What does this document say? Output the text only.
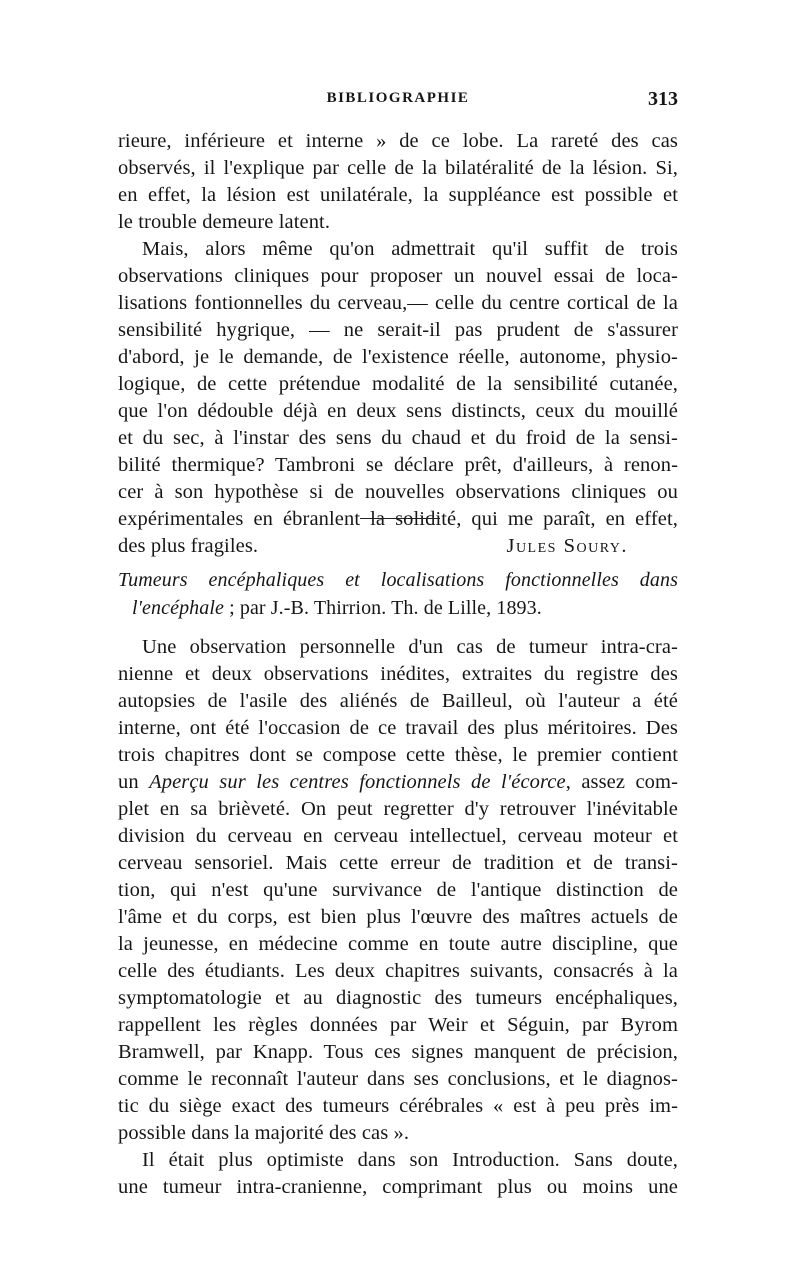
BIBLIOGRAPHIE	313
rieure, inférieure et interne » de ce lobe. La rareté des cas
observés, il l'explique par celle de la bilatéralité de la lésion. Si,
en effet, la lésion est unilatérale, la suppléance est possible et
le trouble demeure latent.
Mais, alors même qu'on admettrait qu'il suffit de trois
observations cliniques pour proposer un nouvel essai de loca-
lisations fontionnelles du cerveau,— celle du centre cortical de la
sensibilité hygrique, — ne serait-il pas prudent de s'assurer
d'abord, je le demande, de l'existence réelle, autonome, physio-
logique, de cette prétendue modalité de la sensibilité cutanée,
que l'on dédouble déjà en deux sens distincts, ceux du mouillé
et du sec, à l'instar des sens du chaud et du froid de la sensi-
bilité thermique? Tambroni se déclare prêt, d'ailleurs, à renon-
cer à son hypothèse si de nouvelles observations cliniques ou
expérimentales en ébranlent la solidité, qui me paraît, en effet,
des plus fragiles.	Jules Soury.
Tumeurs encéphaliques et localisations fonctionnelles dans
l'encéphale ; par J.-B. Thirrion. Th. de Lille, 1893.
Une observation personnelle d'un cas de tumeur intra-cra-
nienne et deux observations inédites, extraites du registre des
autopsies de l'asile des aliénés de Bailleul, où l'auteur a été
interne, ont été l'occasion de ce travail des plus méritoires. Des
trois chapitres dont se compose cette thèse, le premier contient
un Aperçu sur les centres fonctionnels de l'écorce, assez com-
plet en sa brièveté. On peut regretter d'y retrouver l'inévitable
division du cerveau en cerveau intellectuel, cerveau moteur et
cerveau sensoriel. Mais cette erreur de tradition et de transi-
tion, qui n'est qu'une survivance de l'antique distinction de
l'âme et du corps, est bien plus l'œuvre des maîtres actuels de
la jeunesse, en médecine comme en toute autre discipline, que
celle des étudiants. Les deux chapitres suivants, consacrés à la
symptomatologie et au diagnostic des tumeurs encéphaliques,
rappellent les règles données par Weir et Séguin, par Byrom
Bramwell, par Knapp. Tous ces signes manquent de précision,
comme le reconnaît l'auteur dans ses conclusions, et le diagnos-
tic du siège exact des tumeurs cérébrales « est à peu près im-
possible dans la majorité des cas ».
Il était plus optimiste dans son Introduction. Sans doute,
une tumeur intra-cranienne, comprimant plus ou moins une
